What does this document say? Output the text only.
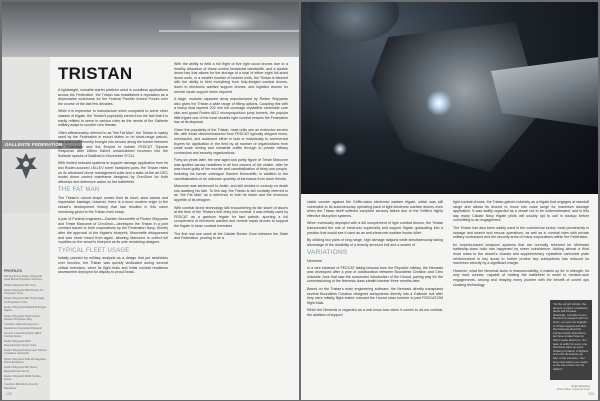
PROFILES
Milo Sycamore Roden Shipyards Head Brand Propulsion Solutions
Roden Shipyards Mk7 Arms
Roden Shipyards Mk3 Primary Jet Propulsion Units
Roden Shipyards Mk7 Dual Frigate Jet Propulsion Units
Roden Shipyards RCEH/8 Prototype Fighter
Roden Shipyards 'Redli' Fusion Reactor Propulsion Mkg
CreoDron Sales Development Department Corporate Shipyards
Osmium Industries Roden Mk15 Combat Series
Roden Shipyards Mk10 Magnetic/Auto Sensor Suite
Roden Shipyards Dual Layer 200mm Crystalline Carbonide
Roden Shipyards ASE-48 Integrated Drone Broadcast
Roden Shipyards Mk7 Heavy Magnetic/Auto Sensor
Roden Shipyards Mk4B Surface Frame
CreoDron Mk3 Drone Control Mainframe
GALLENTE FEDERATION
TRISTAN

A lightweight, versatile starter platform used in countless applications across the Federation, the Tristan has established a reputation as a dependable workhorse for the Federal Frontier Armed Forces over the course of the last few decades.

While it is expensive to manufacture when compared to some other classes of frigate, the Tristan's popularity stems from the fact that it is easily refitted to serve in various roles as the needs of the Gallente military adapt to counter new threats.

Often affectionately referred to as "the Fat Man", the Tristan is mainly used by the Federation in escort duties or on short-range patrols, and was most recently brought into service along the border between the Federation and the Empire to bolster FEDCAT Tripwire Response after Ultimo Kalin's unsanctioned incursion into the Solitude spaces of Baldhad in November YC111.

With limited onboard systems to support damage application from its two Roden-sourced LM-LEV turret hardpoint pairs, the Tristan relies on its advanced drone management suite and a state-of-the-art DEC model drone control mainframe designed by CreoDron for both offensive and defensive action on the battlefield.

THE FAT MAN

The Tristan's rotund shape comes from its short, stout stance and impressive fuselage, however, there is a more modern origin to the vessel's development history that has resulted in this name remaining glued to the Tristan even today.

A pair of Federal engineers—Damien Moncrieffe of Roden Shipyards and Tresle Marcome of CreoDron—developed the Tristan in a joint contract issued to both corporations by the Federation Navy. Shortly after the approval of the frigate's blueprint, Moncrieffe disappeared and was never heard from again, allowing Marcome to collect full royalties on the vessel's blueprint as its sole remaining designer.

TYPICAL FLEET USAGE

Initially panned by military analysts as a design that put aesthetics over function, the Tristan was quickly vindicated during several critical exercises, when its flight trials and initial combat readiness assessment deployed for display to proud brass.

With the ability to field a full flight of five light scout drones due to a healthy allocation of drone control broadcast bandwidth, and a sizable drone bay that allows for the storage of a total of either eight full-sized drone units, or a smaller number of heavier units, the Tristan is blessed with the ability to field everything from fully-fledged combat drones, down to electronic warfare support drones, and logistics drones for remote repair support when required.

A large, modular capacitor array manufactured by Roden Shipyards also gives the Tristan a wide range of fitting options. Coupling this with a heavy dual layered 200 mm full coverage crystalline carbonide core skin and guard Roden AB-2 micropropulsion jump tunnels, the popular little frigate one of the most durable light combat vessels the Federation has at its disposal.

Given the popularity of the Tristan, most units see an extensive service life, with those decommissioned from FEDCAT typically stripped down, overhauled, and auctioned either in bulk or individually to commercial buyers for application in the field by all manner of organizations from small scale mining and industrial outfits through to private military contractors and security organizations.

Forty-six years later, the new aged and portly figure of Tresle Marcome was spotted across headlines in all four corners of the cluster, after he was found guilty of the murder and cannibalization of thirty-one people, including his former colleague Damien Moncrieffe, in addition to the cannibalization of an unknown quantity of karmanos from close friends.

Marcome was sentenced to death, and still resides in custody on death row awaiting his fate. To this day, the Tristan is still cordially referred to as "the Fat Man" as a reference to both its beam and the revenous appetite of its designer.

With combat drone technology still encountering its fair share of issues at the time of the Tristan's first entry into combat, it was initially used by FEDCAT as a garrison frigate for fast patrols, sporting a full complement of electronic warfare and remote repair drones to support the frigate in close combat exercises.

The first real use came at the Caldari Border Zone between the State and Federation, proving to be a

102

viable counter against the Griffin-class electronic warfare frigate, which was still vulnerable to its autonomously operating pack of light electronic warfare drones even when the Tristan itself suffered complete sensory failure due to the Griffin's highly effective disruption systems.

When eventually deployed with a full complement of light combat drones, the Tristan transcended the role of electronic superiority and support frigate, graduating into a position that would see it used as an anti-electronic warfare hunter-killer.

By utilizing two pairs of long range, high damage railguns while simultaneously taking advantage of the durability of a heavily armored hull and a swarm of

VARIATIONS
Nemesis

In a rare instance of FEDCAT taking lessons from the Republic military, the Nemesis was developed after a year of collaboration between Boundless Creation and Creo Industrie Jove that saw the successful introduction of the Hound, paving way for the commissioning of the Nemesis class stealth bomber three months later.

Based on the Tristan's main engineering software, the Nemesis directly transplants several Boundless Creation designed subsystems directly into a Gallente hull after they were initially flight tested onboard the Hound class bomber in joint FEDCAT-RM flight trials.

While the Nemesis is regarded as a real know-how when it comes to all-out combat, the addition of support

light combat drones, the Tristan gained notoriety as a frigate that engages at standoff range and allows its drones to move into close range for maximum damage application. It was swiftly regarded as a vessel not to be underestimated, and to this day many Caldari Navy frigate pilots will usually opt to call in backup before committing to an engagement.

The Tristan has also been widely used in the commercial sector, most prominently in salvage and search and rescue operations, as well as in combat roles with private military contractors and the security arms of many corporations within the Federation.

for torpedo-based weapons systems that are normally reserved for Minmatar battleship-class hulls has happened by sheer coincidence. Adding almost a third more mass to the vessel's chassis and supplementary crystalline carbonide plate reinforcement in key areas to further protect key subsystems has reduced its maximum velocity by a significant margin.

However, what the Nemesis lacks in manoeuvrability, it makes up for in strength. Its only hard counter, capable of holding the battlefield in small to medium-size engagements, among and relaying every pioneer with the benefit of covert ops cloaking technology.

"As the old girl shrinks, the amount of paper of antivirus decks will increase drastically. I wonder if even the kind of research effort of them—or even the dogfight to Tristan Vegetal and that the bickering about the Anchor knows what that is, we have to take those so that it spoke about too. So I have to suffer for every one that these have as some thinking of pattern of fighters since the dominance we had. In the trenches. Your lives exist where you meant to the rest of them for the Valiant."
Brigio Baurades
Chief Jettiso, Supreme Court
103
